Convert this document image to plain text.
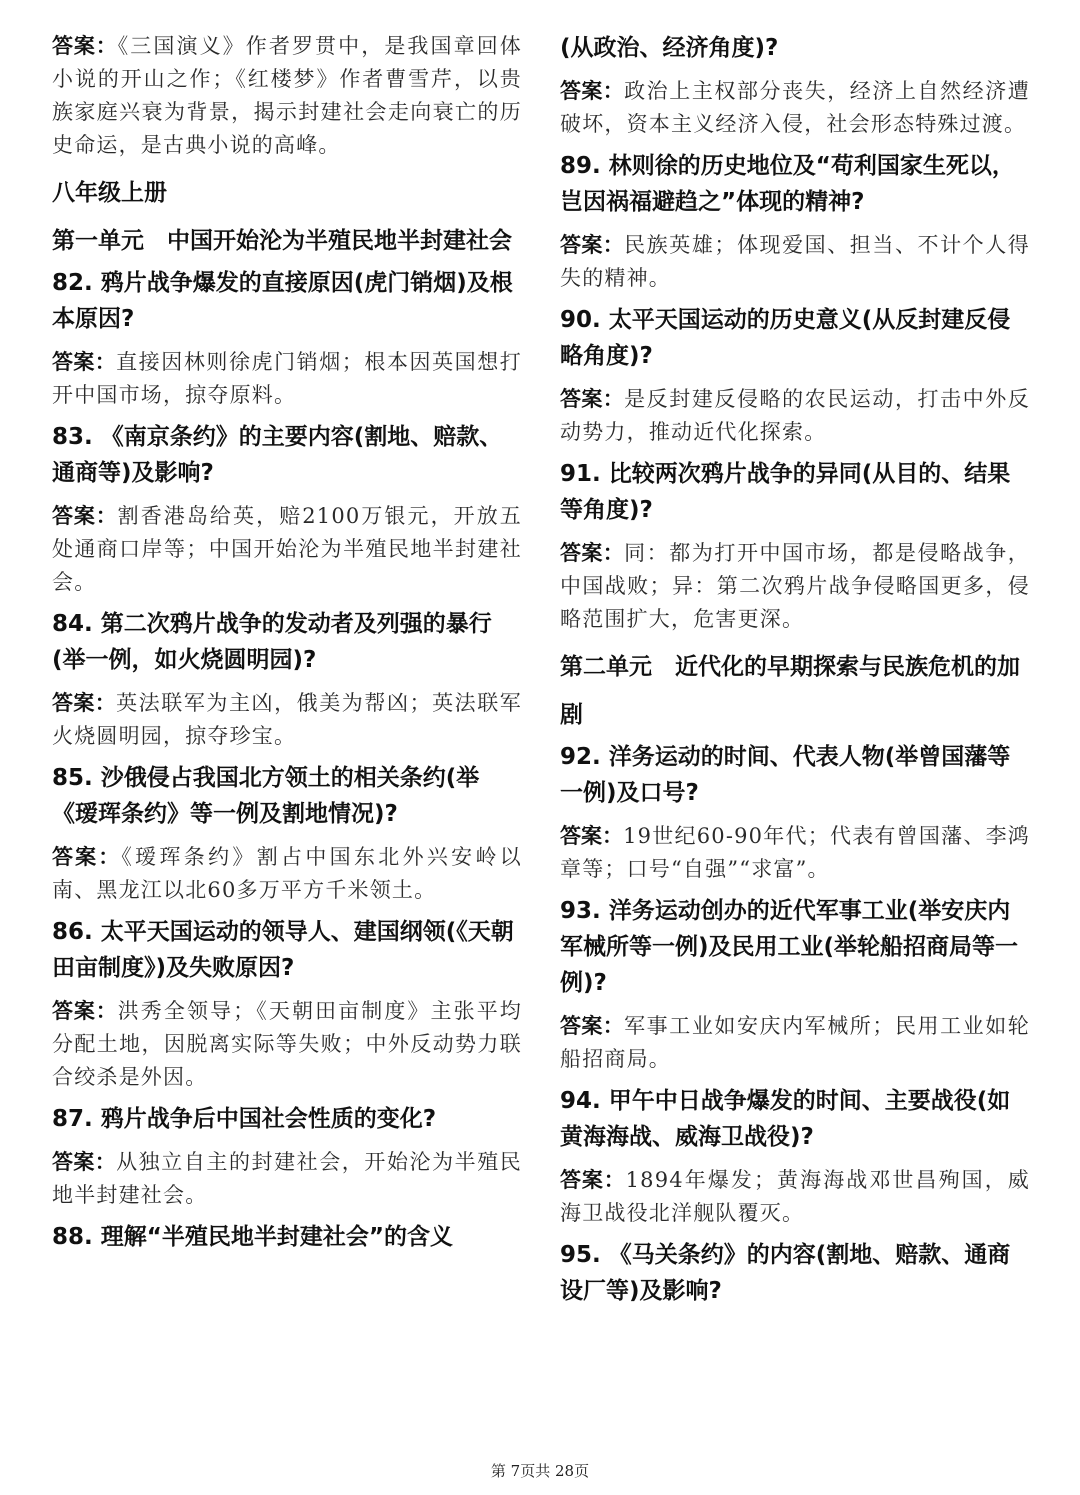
答案：《三国演义》作者罗贯中，是我国章回体小说的开山之作；《红楼梦》作者曹雪芹，以贵族家庭兴衰为背景，揭示封建社会走向衰亡的历史命运，是古典小说的高峰。

八年级上册

第一单元　中国开始沦为半殖民地半封建社会

82. 鸦片战争爆发的直接原因(虎门销烟)及根本原因?

答案：直接因林则徐虎门销烟；根本因英国想打开中国市场，掠夺原料。

83. 《南京条约》的主要内容(割地、赔款、通商等)及影响?

答案：割香港岛给英，赔2100万银元，开放五处通商口岸等；中国开始沦为半殖民地半封建社会。

84. 第二次鸦片战争的发动者及列强的暴行(举一例，如火烧圆明园)?

答案：英法联军为主凶，俄美为帮凶；英法联军火烧圆明园，掠夺珍宝。

85. 沙俄侵占我国北方领土的相关条约(举《瑷珲条约》等一例及割地情况)?

答案：《瑷珲条约》割占中国东北外兴安岭以南、黑龙江以北60多万平方千米领土。

86. 太平天国运动的领导人、建国纲领(《天朝田亩制度》)及失败原因?

答案：洪秀全领导；《天朝田亩制度》主张平均分配土地，因脱离实际等失败；中外反动势力联合绞杀是外因。

87. 鸦片战争后中国社会性质的变化?

答案：从独立自主的封建社会，开始沦为半殖民地半封建社会。

88. 理解“半殖民地半封建社会”的含义

(从政治、经济角度)?

答案：政治上主权部分丧失，经济上自然经济遭破坏，资本主义经济入侵，社会形态特殊过渡。

89. 林则徐的历史地位及“苟利国家生死以，岂因祸福避趋之”体现的精神?

答案：民族英雄；体现爱国、担当、不计个人得失的精神。

90. 太平天国运动的历史意义(从反封建反侵略角度)?

答案：是反封建反侵略的农民运动，打击中外反动势力，推动近代化探索。

91. 比较两次鸦片战争的异同(从目的、结果等角度)?

答案：同：都为打开中国市场，都是侵略战争，中国战败；异：第二次鸦片战争侵略国更多，侵略范围扩大，危害更深。

第二单元　近代化的早期探索与民族危机的加剧

92. 洋务运动的时间、代表人物(举曾国藩等一例)及口号?

答案：19世纪60-90年代；代表有曾国藩、李鸿章等；口号“自强”“求富”。

93. 洋务运动创办的近代军事工业(举安庆内军械所等一例)及民用工业(举轮船招商局等一例)?

答案：军事工业如安庆内军械所；民用工业如轮船招商局。

94. 甲午中日战争爆发的时间、主要战役(如黄海海战、威海卫战役)?

答案：1894年爆发；黄海海战邓世昌殉国，威海卫战役北洋舰队覆灭。

95. 《马关条约》的内容(割地、赔款、通商设厂等)及影响?

第 7页共 28页
